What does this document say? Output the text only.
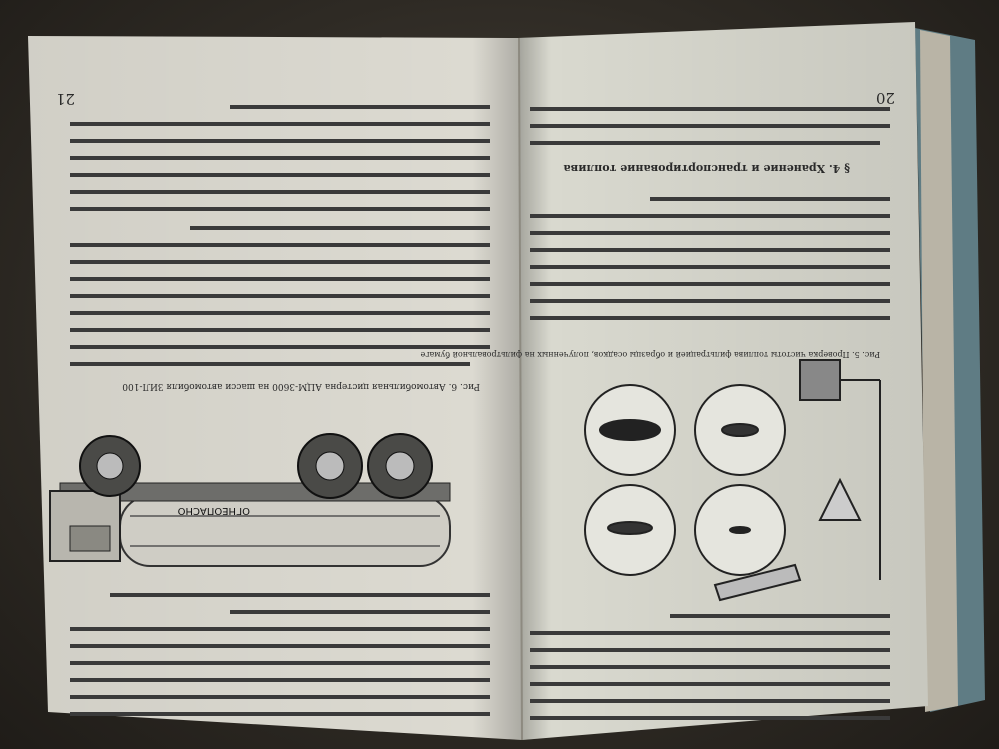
21
Рис. 6. Автомобильная цистерна АЦМ-3600 на шасси автомобиля ЗИЛ-100
ОГНЕОПАСНО
20
Рис. 5. Проверка чистоты топлива фильтрацией и образцы осадков, полученных на фильтровальной бумаге
§ 4. Хранение и транспортирование топлива
